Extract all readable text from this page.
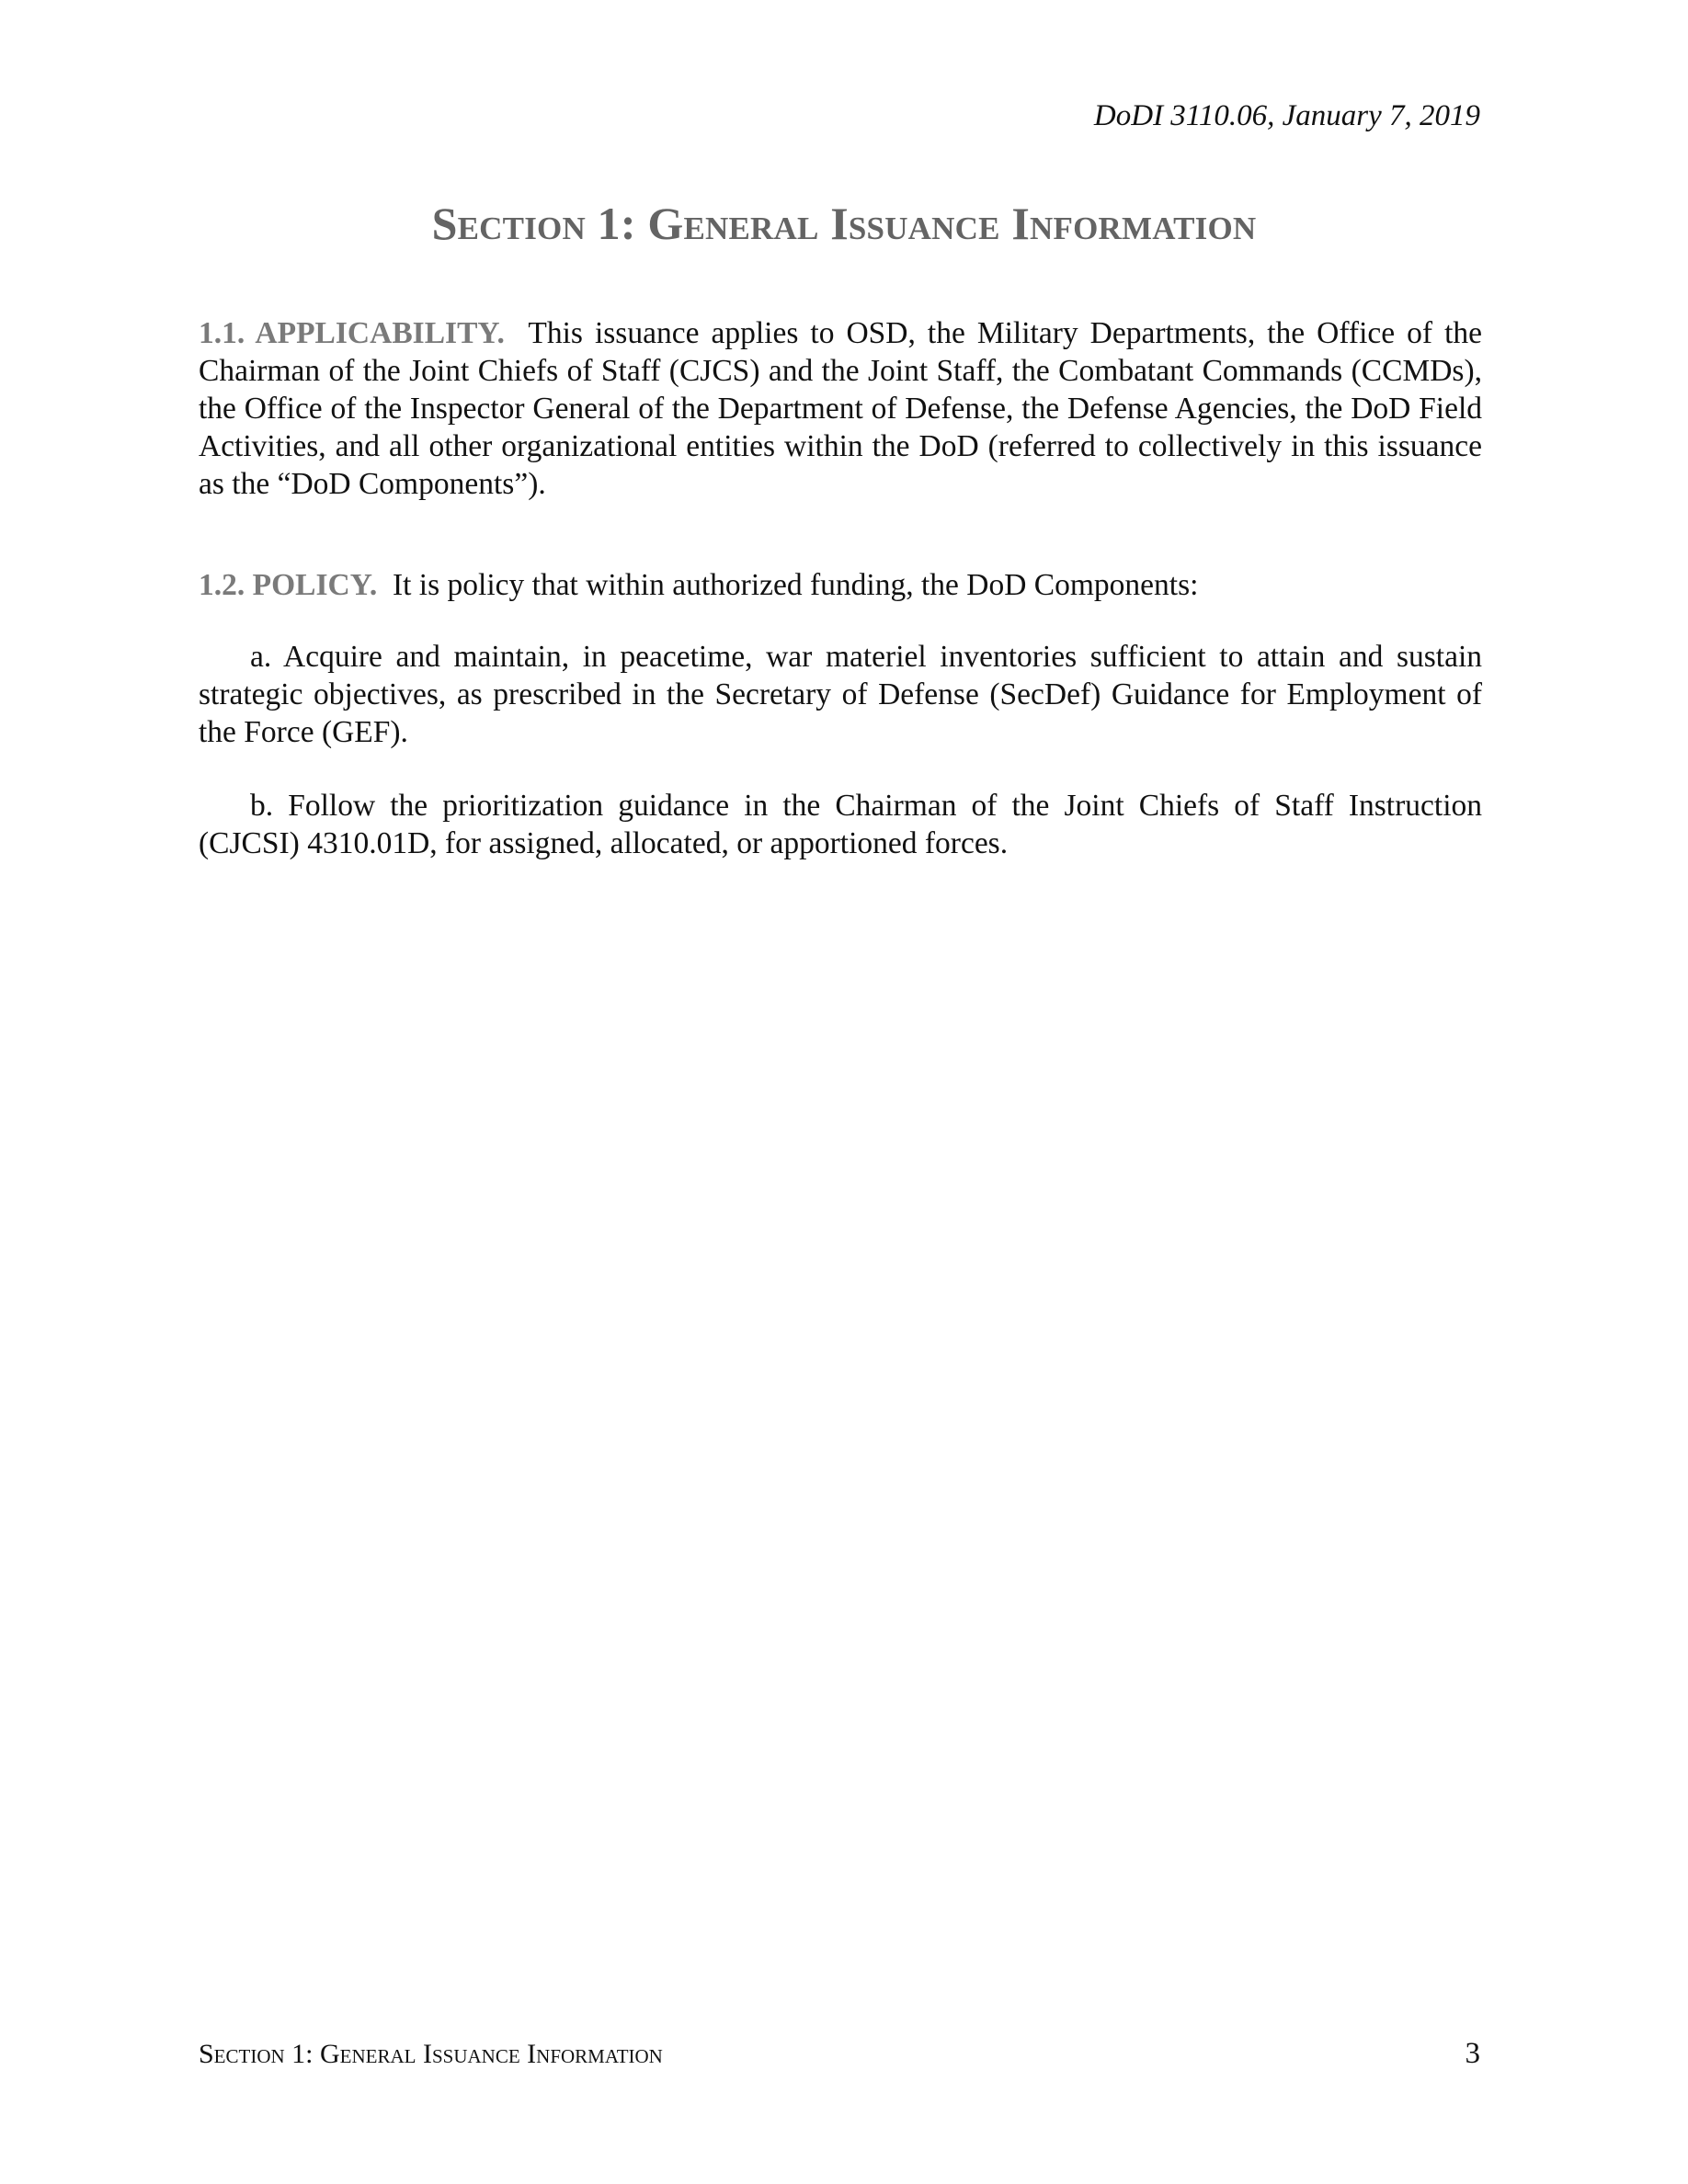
DoDI 3110.06, January 7, 2019
Section 1: General Issuance Information
1.1. APPLICABILITY. This issuance applies to OSD, the Military Departments, the Office of the Chairman of the Joint Chiefs of Staff (CJCS) and the Joint Staff, the Combatant Commands (CCMDs), the Office of the Inspector General of the Department of Defense, the Defense Agencies, the DoD Field Activities, and all other organizational entities within the DoD (referred to collectively in this issuance as the “DoD Components”).
1.2. POLICY. It is policy that within authorized funding, the DoD Components:
a. Acquire and maintain, in peacetime, war materiel inventories sufficient to attain and sustain strategic objectives, as prescribed in the Secretary of Defense (SecDef) Guidance for Employment of the Force (GEF).
b. Follow the prioritization guidance in the Chairman of the Joint Chiefs of Staff Instruction (CJCSI) 4310.01D, for assigned, allocated, or apportioned forces.
Section 1: General Issuance Information	3
